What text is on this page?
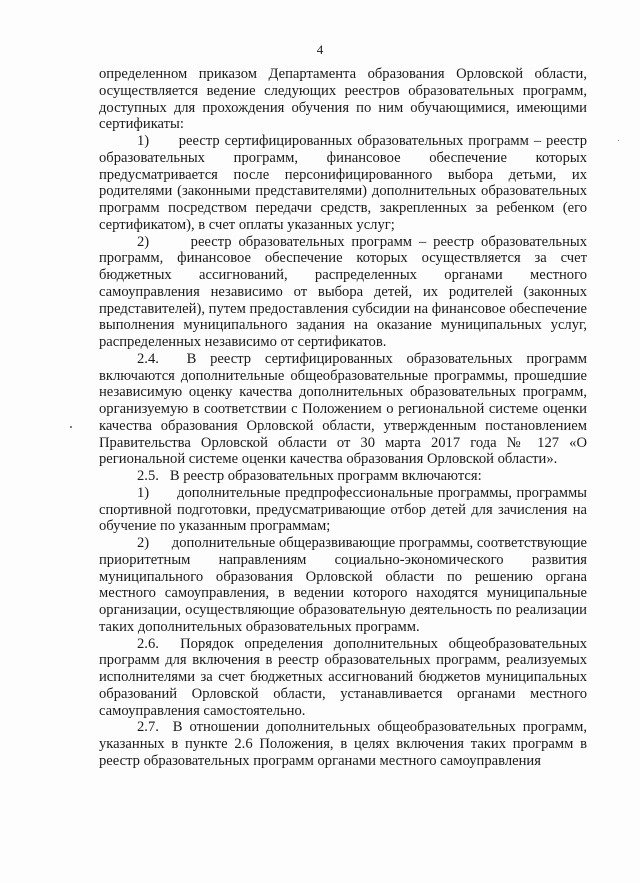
4

определенном приказом Департамента образования Орловской области, осуществляется ведение следующих реестров образовательных программ, доступных для прохождения обучения по ним обучающимися, имеющими сертификаты:

1)      реестр сертифицированных образовательных программ – реестр образовательных программ, финансовое обеспечение которых предусматривается после персонифицированного выбора детьми, их родителями (законными представителями) дополнительных образовательных программ посредством передачи средств, закрепленных за ребенком (его сертификатом), в счет оплаты указанных услуг;

2)      реестр образовательных программ – реестр образовательных программ, финансовое обеспечение которых осуществляется за счет бюджетных ассигнований, распределенных органами местного самоуправления независимо от выбора детей, их родителей (законных представителей), путем предоставления субсидии на финансовое обеспечение выполнения муниципального задания на оказание муниципальных услуг, распределенных независимо от сертификатов.

2.4.  В реестр сертифицированных образовательных программ включаются дополнительные общеобразовательные программы, прошедшие независимую оценку качества дополнительных образовательных программ, организуемую в соответствии с Положением о региональной системе оценки качества образования Орловской области, утвержденным постановлением Правительства Орловской области от 30 марта 2017 года № 127 «О региональной системе оценки качества образования Орловской области».

2.5.   В реестр образовательных программ включаются:

1)      дополнительные предпрофессиональные программы, программы спортивной подготовки, предусматривающие отбор детей для зачисления на обучение по указанным программам;

2)      дополнительные общеразвивающие программы, соответствующие приоритетным направлениям социально-экономического развития муниципального образования Орловской области по решению органа местного самоуправления, в ведении которого находятся муниципальные организации, осуществляющие образовательную деятельность по реализации таких дополнительных образовательных программ.

2.6.  Порядок определения дополнительных общеобразовательных программ для включения в реестр образовательных программ, реализуемых исполнителями за счет бюджетных ассигнований бюджетов муниципальных образований Орловской области, устанавливается органами местного самоуправления самостоятельно.

2.7.  В отношении дополнительных общеобразовательных программ, указанных в пункте 2.6 Положения, в целях включения таких программ в реестр образовательных программ органами местного самоуправления
